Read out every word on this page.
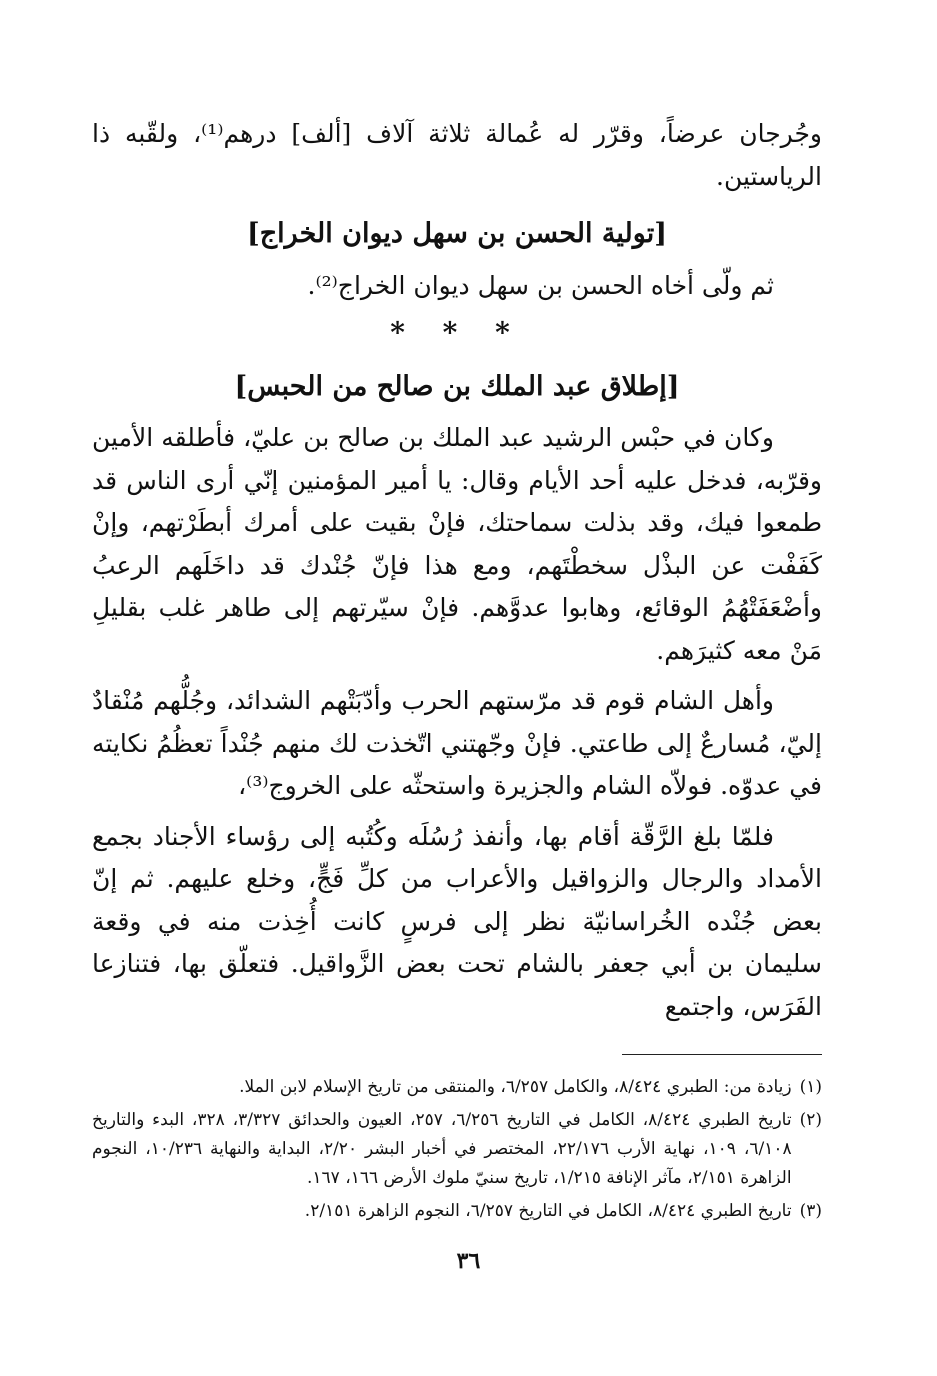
وجُرجان عرضاً، وقرّر له عُمالة ثلاثة آلاف [ألف] درهم⁽¹⁾، ولقّبه ذا الرياستين.

[تولية الحسن بن سهل ديوان الخراج]

ثم ولّى أخاه الحسن بن سهل ديوان الخراج⁽²⁾.

* * *
[إطلاق عبد الملك بن صالح من الحبس]

وكان في حبْس الرشيد عبد الملك بن صالح بن عليّ، فأطلقه الأمين وقرّبه، فدخل عليه أحد الأيام وقال: يا أمير المؤمنين إنّي أرى الناس قد طمعوا فيك، وقد بذلت سماحتك، فإنْ بقيت على أمرك أبطَرْتهم، وإنْ كَفَفْت عن البذْل سخطْتَهم، ومع هذا فإنّ جُنْدك قد داخَلَهم الرعبُ وأضْعَفَتْهُمُ الوقائع، وهابوا عدوَّهم. فإنْ سيّرتهم إلى طاهر غلب بقليلِ مَنْ معه كثيرَهم.

وأهل الشام قوم قد مرّستهم الحرب وأدّبَتْهم الشدائد، وجُلُّهم مُنْقادٌ إليّ، مُسارعٌ إلى طاعتي. فإنْ وجّهتني اتّخذت لك منهم جُنْداً تعظُمُ نكايته في عدوّه. فولاّه الشام والجزيرة واستحثّه على الخروج⁽³⁾،

فلمّا بلغ الرَّقّة أقام بها، وأنفذ رُسُلَه وكُتُبه إلى رؤساء الأجناد بجمع الأمداد والرجال والزواقيل والأعراب من كلِّ فَجٍّ، وخلع عليهم. ثم إنّ بعض جُنْده الخُراسانيّة نظر إلى فرسٍ كانت أُخِذت منه في وقعة سليمان بن أبي جعفر بالشام تحت بعض الزَّواقيل. فتعلّق بها، فتنازعا الفَرَس، واجتمع

(١)
زيادة من: الطبري ٨/٤٢٤، والكامل ٦/٢٥٧، والمنتقى من تاريخ الإسلام لابن الملا.
(٢)
تاريخ الطبري ٨/٤٢٤، الكامل في التاريخ ٦/٢٥٦، ٢٥٧، العيون والحدائق ٣/٣٢٧، ٣٢٨، البدء والتاريخ ٦/١٠٨، ١٠٩، نهاية الأرب ٢٢/١٧٦، المختصر في أخبار البشر ٢/٢٠، البداية والنهاية ١٠/٢٣٦، النجوم الزاهرة ٢/١٥١، مآثر الإنافة ١/٢١٥، تاريخ سنيّ ملوك الأرض ١٦٦، ١٦٧.
(٣)
تاريخ الطبري ٨/٤٢٤، الكامل في التاريخ ٦/٢٥٧، النجوم الزاهرة ٢/١٥١.
٣٦
